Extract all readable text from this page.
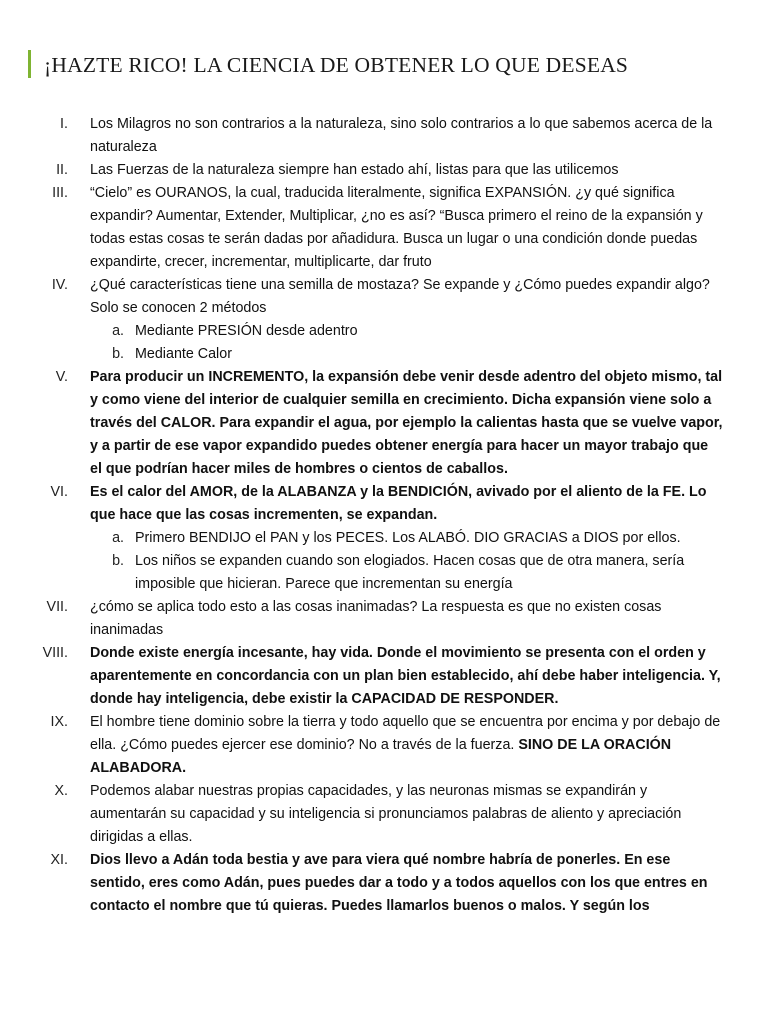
¡HAZTE RICO! LA CIENCIA DE OBTENER LO QUE DESEAS
I. Los Milagros no son contrarios a la naturaleza, sino solo contrarios a lo que sabemos acerca de la naturaleza
II. Las Fuerzas de la naturaleza siempre han estado ahí, listas para que las utilicemos
III. “Cielo” es OURANOS, la cual, traducida literalmente, significa EXPANSIÓN. ¿y qué significa expandir? Aumentar, Extender, Multiplicar, ¿no es así? “Busca primero el reino de la expansión y todas estas cosas te serán dadas por añadidura. Busca un lugar o una condición donde puedas expandirte, crecer, incrementar, multiplicarte, dar fruto
IV. ¿Qué características tiene una semilla de mostaza? Se expande y ¿Cómo puedes expandir algo? Solo se conocen 2 métodos
a. Mediante PRESIÓN desde adentro
b. Mediante Calor
V. Para producir un INCREMENTO, la expansión debe venir desde adentro del objeto mismo, tal y como viene del interior de cualquier semilla en crecimiento. Dicha expansión viene solo a través del CALOR. Para expandir el agua, por ejemplo la calientas hasta que se vuelve vapor, y a partir de ese vapor expandido puedes obtener energía para hacer un mayor trabajo que el que podrían hacer miles de hombres o cientos de caballos.
VI. Es el calor del AMOR, de la ALABANZA y la BENDICIÓN, avivado por el aliento de la FE. Lo que hace que las cosas incrementen, se expandan.
a. Primero BENDIJO el PAN y los PECES. Los ALABÓ. DIO GRACIAS a DIOS por ellos.
b. Los niños se expanden cuando son elogiados. Hacen cosas que de otra manera, sería imposible que hicieran. Parece que incrementan su energía
VII. ¿cómo se aplica todo esto a las cosas inanimadas? La respuesta es que no existen cosas inanimadas
VIII. Donde existe energía incesante, hay vida. Donde el movimiento se presenta con el orden y aparentemente en concordancia con un plan bien establecido, ahí debe haber inteligencia. Y, donde hay inteligencia, debe existir la CAPACIDAD DE RESPONDER.
IX. El hombre tiene dominio sobre la tierra y todo aquello que se encuentra por encima y por debajo de ella. ¿Cómo puedes ejercer ese dominio? No a través de la fuerza. SINO DE LA ORACIÓN ALABADORA.
X. Podemos alabar nuestras propias capacidades, y las neuronas mismas se expandirán y aumentarán su capacidad y su inteligencia si pronunciamos palabras de aliento y apreciación dirigidas a ellas.
XI. Dios llevo a Adán toda bestia y ave para viera qué nombre habría de ponerles. En ese sentido, eres como Adán, pues puedes dar a todo y a todos aquellos con los que entres en contacto el nombre que tú quieras. Puedes llamarlos buenos o malos. Y según los
